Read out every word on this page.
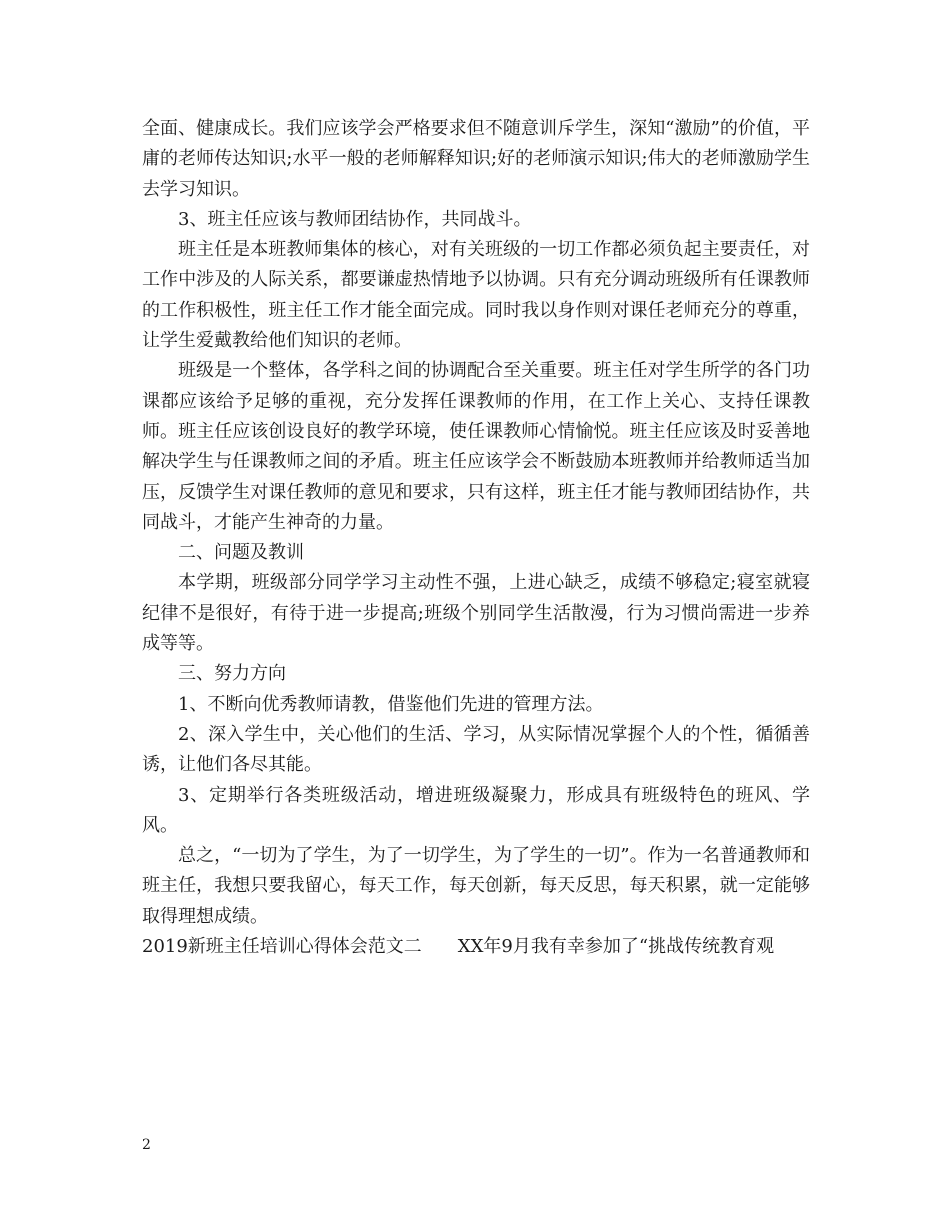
全面、健康成长。我们应该学会严格要求但不随意训斥学生，深知“激励”的价值，平庸的老师传达知识;水平一般的老师解释知识;好的老师演示知识;伟大的老师激励学生去学习知识。

3、班主任应该与教师团结协作，共同战斗。

班主任是本班教师集体的核心，对有关班级的一切工作都必须负起主要责任，对工作中涉及的人际关系，都要谦虚热情地予以协调。只有充分调动班级所有任课教师的工作积极性，班主任工作才能全面完成。同时我以身作则对课任老师充分的尊重，让学生爱戴教给他们知识的老师。

班级是一个整体，各学科之间的协调配合至关重要。班主任对学生所学的各门功课都应该给予足够的重视，充分发挥任课教师的作用，在工作上关心、支持任课教师。班主任应该创设良好的教学环境，使任课教师心情愉悦。班主任应该及时妥善地解决学生与任课教师之间的矛盾。班主任应该学会不断鼓励本班教师并给教师适当加压，反馈学生对课任教师的意见和要求，只有这样，班主任才能与教师团结协作，共同战斗，才能产生神奇的力量。

二、问题及教训

本学期，班级部分同学学习主动性不强，上进心缺乏，成绩不够稳定;寝室就寝纪律不是很好，有待于进一步提高;班级个别同学生活散漫，行为习惯尚需进一步养成等等。

三、努力方向

1、不断向优秀教师请教，借鉴他们先进的管理方法。

2、深入学生中，关心他们的生活、学习，从实际情况掌握个人的个性，循循善诱，让他们各尽其能。

3、定期举行各类班级活动，增进班级凝聚力，形成具有班级特色的班风、学风。

总之，“一切为了学生，为了一切学生，为了学生的一切”。作为一名普通教师和班主任，我想只要我留心，每天工作，每天创新，每天反思，每天积累，就一定能够取得理想成绩。

2019新班主任培训心得体会范文二　　XX年9月我有幸参加了“挑战传统教育观

2
